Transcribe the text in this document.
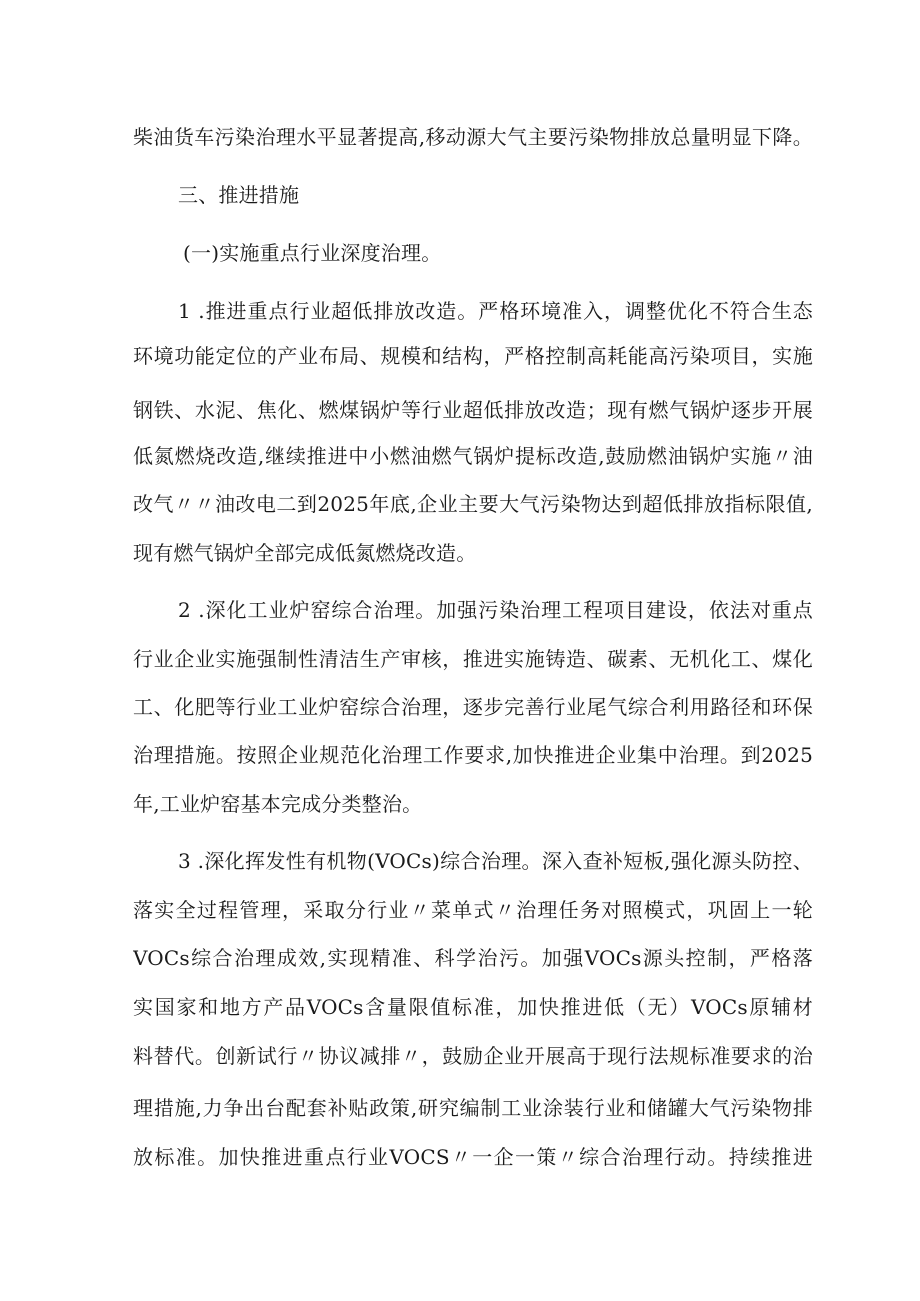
柴油货车污染治理水平显著提高,移动源大气主要污染物排放总量明显下降。
三、推进措施
(一)实施重点行业深度治理。
1 .推进重点行业超低排放改造。严格环境准入，调整优化不符合生态
环境功能定位的产业布局、规模和结构，严格控制高耗能高污染项目，实施
钢铁、水泥、焦化、燃煤锅炉等行业超低排放改造；现有燃气锅炉逐步开展
低氮燃烧改造,继续推进中小燃油燃气锅炉提标改造,鼓励燃油锅炉实施〃油
改气〃〃油改电二到2025年底,企业主要大气污染物达到超低排放指标限值,
现有燃气锅炉全部完成低氮燃烧改造。
2 .深化工业炉窑综合治理。加强污染治理工程项目建设，依法对重点
行业企业实施强制性清洁生产审核，推进实施铸造、碳素、无机化工、煤化
工、化肥等行业工业炉窑综合治理，逐步完善行业尾气综合利用路径和环保
治理措施。按照企业规范化治理工作要求,加快推进企业集中治理。到2025
年,工业炉窑基本完成分类整治。
3 .深化挥发性有机物(VOCs)综合治理。深入查补短板,强化源头防控、
落实全过程管理，采取分行业〃菜单式〃治理任务对照模式，巩固上一轮
VOCs综合治理成效,实现精准、科学治污。加强VOCs源头控制，严格落
实国家和地方产品VOCs含量限值标准，加快推进低（无）VOCs原辅材
料替代。创新试行〃协议减排〃，鼓励企业开展高于现行法规标准要求的治
理措施,力争出台配套补贴政策,研究编制工业涂装行业和储罐大气污染物排
放标准。加快推进重点行业VOCS〃一企一策〃综合治理行动。持续推进
